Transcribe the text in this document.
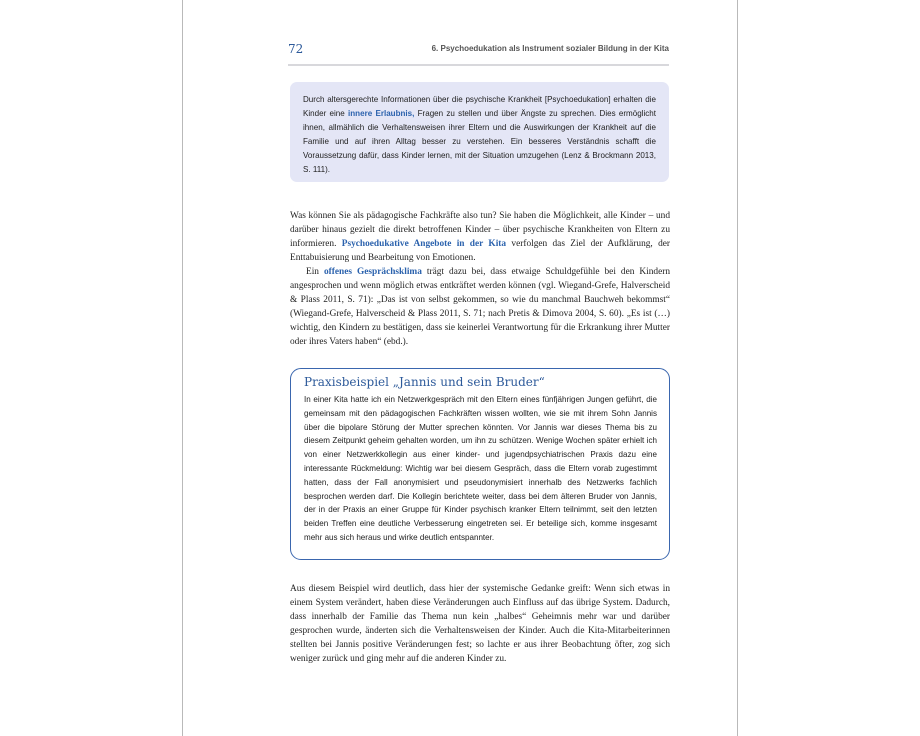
72	6. Psychoedukation als Instrument sozialer Bildung in der Kita
Durch altersgerechte Informationen über die psychische Krankheit [Psychoedukation] erhalten die Kinder eine innere Erlaubnis, Fragen zu stellen und über Ängste zu sprechen. Dies ermöglicht ihnen, allmählich die Verhaltensweisen ihrer Eltern und die Auswirkungen der Krankheit auf die Familie und auf ihren Alltag besser zu verstehen. Ein besseres Verständnis schafft die Voraussetzung dafür, dass Kinder lernen, mit der Situation umzugehen (Lenz & Brockmann 2013, S. 111).

Was können Sie als pädagogische Fachkräfte also tun? Sie haben die Möglichkeit, alle Kinder – und darüber hinaus gezielt die direkt betroffenen Kinder – über psychische Krankheiten von Eltern zu informieren. Psychoedukative Angebote in der Kita verfolgen das Ziel der Aufklärung, der Enttabuisierung und Bearbeitung von Emotionen.

Ein offenes Gesprächsklima trägt dazu bei, dass etwaige Schuldgefühle bei den Kindern angesprochen und wenn möglich etwas entkräftet werden können (vgl. Wiegand-Grefe, Halverscheid & Plass 2011, S. 71): „Das ist von selbst gekommen, so wie du manchmal Bauchweh bekommst“ (Wiegand-Grefe, Halverscheid & Plass 2011, S. 71; nach Pretis & Dimova 2004, S. 60). „Es ist (…) wichtig, den Kindern zu bestätigen, dass sie keinerlei Verantwortung für die Erkrankung ihrer Mutter oder ihres Vaters haben“ (ebd.).

Praxisbeispiel „Jannis und sein Bruder“

In einer Kita hatte ich ein Netzwerkgespräch mit den Eltern eines fünfjährigen Jungen geführt, die gemeinsam mit den pädagogischen Fachkräften wissen wollten, wie sie mit ihrem Sohn Jannis über die bipolare Störung der Mutter sprechen könnten. Vor Jannis war dieses Thema bis zu diesem Zeitpunkt geheim gehalten worden, um ihn zu schützen. Wenige Wochen später erhielt ich von einer Netzwerkkollegin aus einer kinder- und jugendpsychiatrischen Praxis dazu eine interessante Rückmeldung: Wichtig war bei diesem Gespräch, dass die Eltern vorab zugestimmt hatten, dass der Fall anonymisiert und pseudonymisiert innerhalb des Netzwerks fachlich besprochen werden darf. Die Kollegin berichtete weiter, dass bei dem älteren Bruder von Jannis, der in der Praxis an einer Gruppe für Kinder psychisch kranker Eltern teilnimmt, seit den letzten beiden Treffen eine deutliche Verbesserung eingetreten sei. Er beteilige sich, komme insgesamt mehr aus sich heraus und wirke deutlich entspannter.

Aus diesem Beispiel wird deutlich, dass hier der systemische Gedanke greift: Wenn sich etwas in einem System verändert, haben diese Veränderungen auch Einfluss auf das übrige System. Dadurch, dass innerhalb der Familie das Thema nun kein „halbes“ Geheimnis mehr war und darüber gesprochen wurde, änderten sich die Verhaltensweisen der Kinder. Auch die Kita-Mitarbeiterinnen stellten bei Jannis positive Veränderungen fest; so lachte er aus ihrer Beobachtung öfter, zog sich weniger zurück und ging mehr auf die anderen Kinder zu.
